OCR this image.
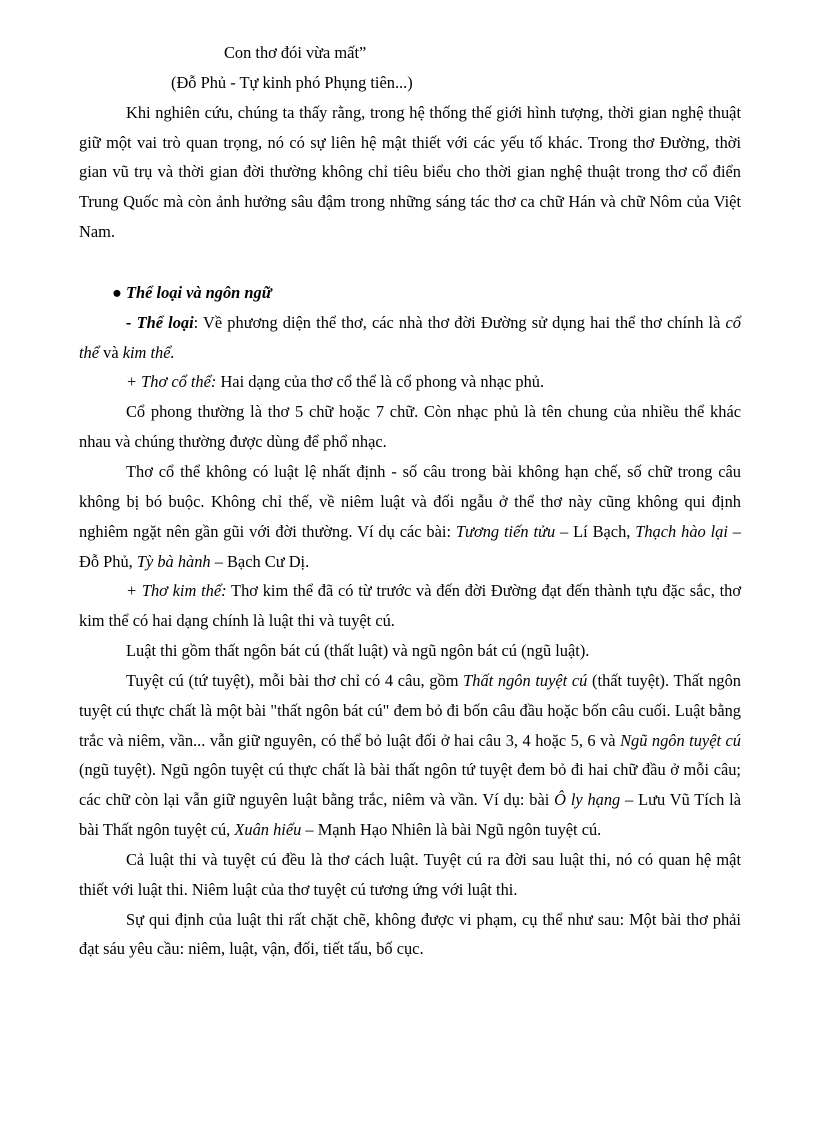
Con thơ đói vừa mất”

(Đỗ Phủ - Tự kinh phó Phụng tiên...)

Khi nghiên cứu, chúng ta thấy rằng, trong hệ thống thế giới hình tượng, thời gian nghệ thuật giữ một vai trò quan trọng, nó có sự liên hệ mật thiết với các yếu tố khác. Trong thơ Đường, thời gian vũ trụ và thời gian đời thường không chỉ tiêu biểu cho thời gian nghệ thuật trong thơ cổ điển Trung Quốc mà còn ảnh hưởng sâu đậm trong những sáng tác thơ ca chữ Hán và chữ Nôm của Việt Nam.

● Thể loại và ngôn ngữ

- Thể loại: Về phương diện thể thơ, các nhà thơ đời Đường sử dụng hai thể thơ chính là cổ thể và kim thể.

+ Thơ cổ thể: Hai dạng của thơ cổ thể là cổ phong và nhạc phủ.

Cổ phong thường là thơ 5 chữ hoặc 7 chữ. Còn nhạc phủ là tên chung của nhiều thể khác nhau và chúng thường được dùng để phổ nhạc.

Thơ cổ thể không có luật lệ nhất định - số câu trong bài không hạn chế, số chữ trong câu không bị bó buộc. Không chỉ thế, về niêm luật và đối ngẫu ở thể thơ này cũng không qui định nghiêm ngặt nên gần gũi với đời thường. Ví dụ các bài: Tương tiến tửu – Lí Bạch, Thạch hào lại – Đỗ Phủ, Tỳ bà hành – Bạch Cư Dị.

+ Thơ kim thể: Thơ kim thể đã có từ trước và đến đời Đường đạt đến thành tựu đặc sắc, thơ kim thể có hai dạng chính là luật thi và tuyệt cú.

Luật thi gồm thất ngôn bát cú (thất luật) và ngũ ngôn bát cú (ngũ luật).

Tuyệt cú (tứ tuyệt), mỗi bài thơ chỉ có 4 câu, gồm Thất ngôn tuyệt cú (thất tuyệt). Thất ngôn tuyệt cú thực chất là một bài "thất ngôn bát cú" đem bỏ đi bốn câu đầu hoặc bốn câu cuối. Luật bằng trắc và niêm, vần... vẫn giữ nguyên, có thể bỏ luật đối ở hai câu 3, 4 hoặc 5, 6 và Ngũ ngôn tuyệt cú (ngũ tuyệt). Ngũ ngôn tuyệt cú thực chất là bài thất ngôn tứ tuyệt đem bỏ đi hai chữ đầu ở mỗi câu; các chữ còn lại vẫn giữ nguyên luật bằng trắc, niêm và vần. Ví dụ: bài Ô ly hạng – Lưu Vũ Tích là bài Thất ngôn tuyệt cú, Xuân hiểu – Mạnh Hạo Nhiên là bài Ngũ ngôn tuyệt cú.

Cả luật thi và tuyệt cú đều là thơ cách luật. Tuyệt cú ra đời sau luật thi, nó có quan hệ mật thiết với luật thi. Niêm luật của thơ tuyệt cú tương ứng với luật thi.

Sự qui định của luật thi rất chặt chẽ, không được vi phạm, cụ thể như sau: Một bài thơ phải đạt sáu yêu cầu: niêm, luật, vận, đối, tiết tấu, bố cục.
